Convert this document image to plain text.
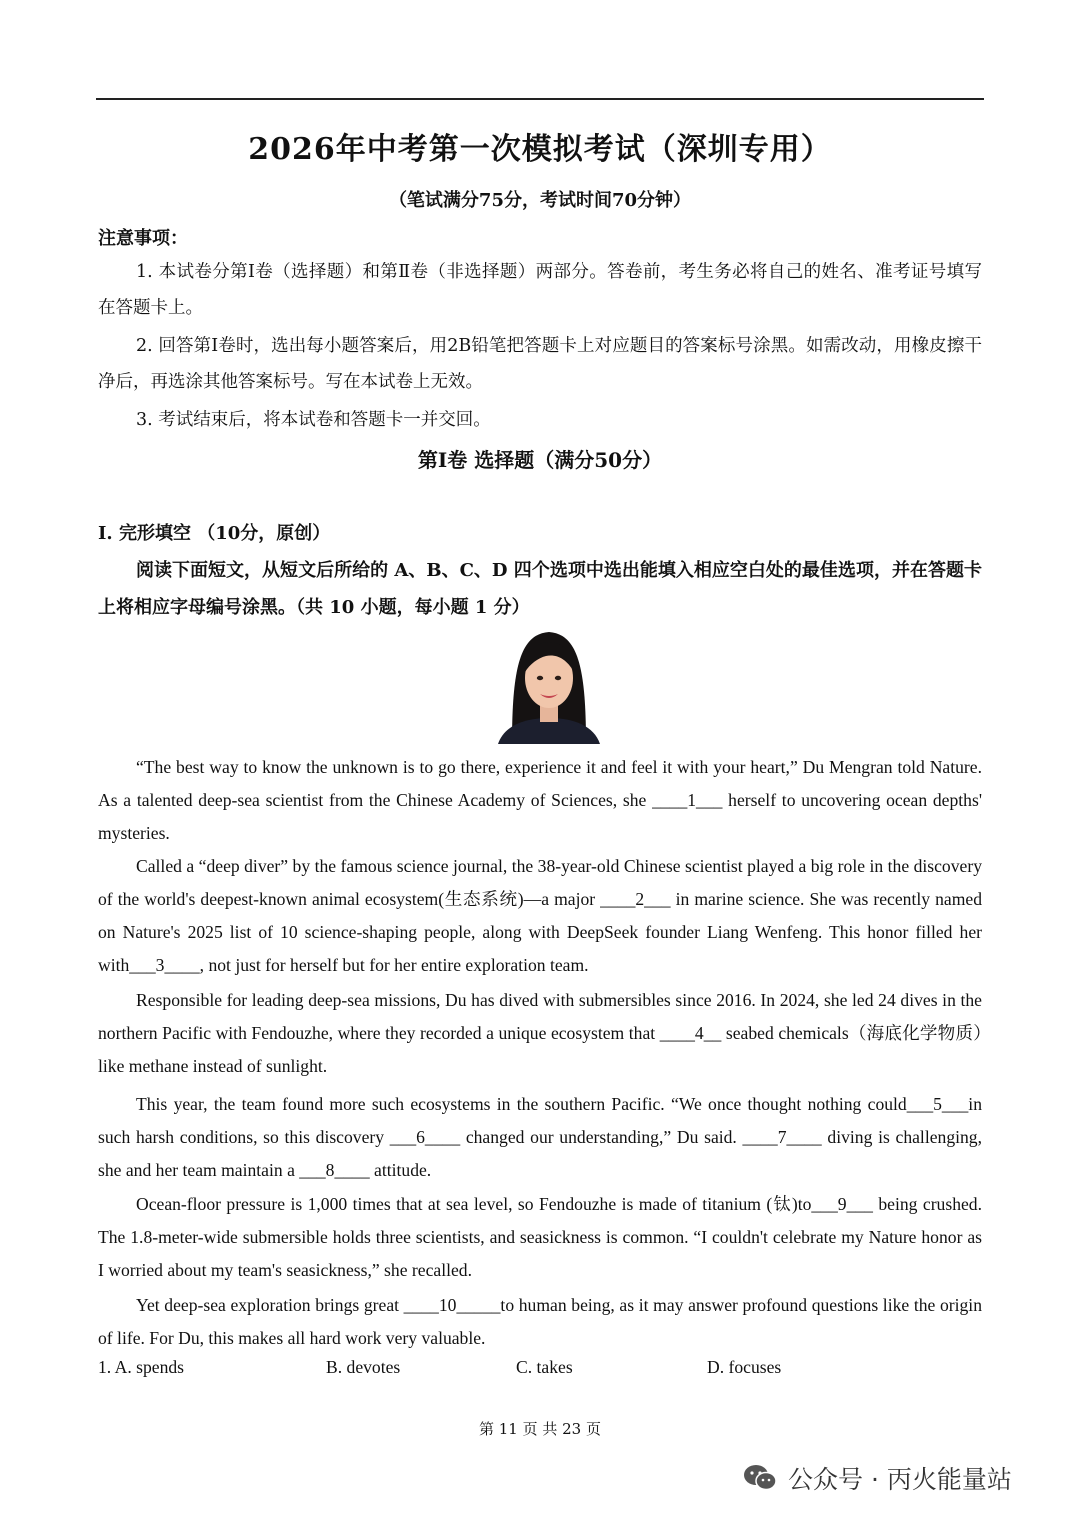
2026年中考第一次模拟考试（深圳专用）
（笔试满分75分，考试时间70分钟）
注意事项：
1. 本试卷分第Ⅰ卷（选择题）和第Ⅱ卷（非选择题）两部分。答卷前，考生务必将自己的姓名、准考证号填写在答题卡上。
2. 回答第Ⅰ卷时，选出每小题答案后，用2B铅笔把答题卡上对应题目的答案标号涂黑。如需改动，用橡皮擦干净后，再选涂其他答案标号。写在本试卷上无效。
3. 考试结束后，将本试卷和答题卡一并交回。
第Ⅰ卷 选择题（满分50分）
I. 完形填空 （10分，原创）
阅读下面短文，从短文后所给的 A、B、C、D 四个选项中选出能填入相应空白处的最佳选项，并在答题卡上将相应字母编号涂黑。（共 10 小题，每小题 1 分）
“The best way to know the unknown is to go there, experience it and feel it with your heart,” Du Mengran told Nature. As a talented deep-sea scientist from the Chinese Academy of Sciences, she ____1___ herself to uncovering ocean depths' mysteries.
Called a “deep diver” by the famous science journal, the 38-year-old Chinese scientist played a big role in the discovery of the world's deepest-known animal ecosystem(生态系统)—a major ____2___ in marine science. She was recently named on Nature's 2025 list of 10 science-shaping people, along with DeepSeek founder Liang Wenfeng. This honor filled her with___3____, not just for herself but for her entire exploration team.
Responsible for leading deep-sea missions, Du has dived with submersibles since 2016. In 2024, she led 24 dives in the northern Pacific with Fendouzhe, where they recorded a unique ecosystem that ____4__ seabed chemicals（海底化学物质）like methane instead of sunlight.
This year, the team found more such ecosystems in the southern Pacific. “We once thought nothing could___5___in such harsh conditions, so this discovery ___6____ changed our understanding,” Du said. ____7____ diving is challenging, she and her team maintain a ___8____ attitude.
Ocean-floor pressure is 1,000 times that at sea level, so Fendouzhe is made of titanium (钛)to___9___ being crushed. The 1.8-meter-wide submersible holds three scientists, and seasickness is common. “I couldn't celebrate my Nature honor as I worried about my team's seasickness,” she recalled.
Yet deep-sea exploration brings great ____10_____to human being, as it may answer profound questions like the origin of life. For Du, this makes all hard work very valuable.
1. A. spends	B. devotes	C. takes	D. focuses
第 11 页 共 23 页
公众号 · 丙火能量站
